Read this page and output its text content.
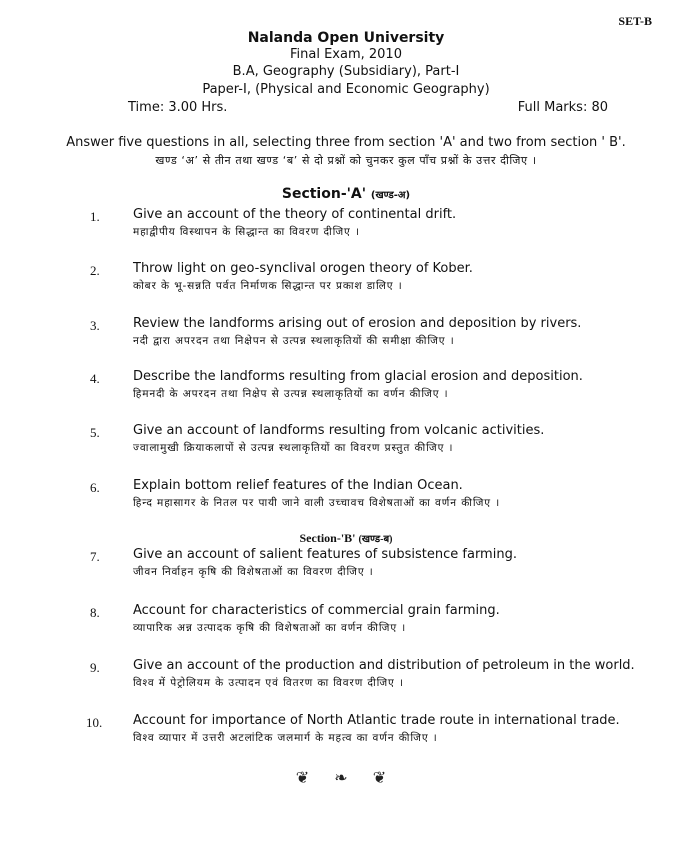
SET-B
Nalanda Open University
Final Exam, 2010
B.A, Geography (Subsidiary), Part-I
Paper-I, (Physical and Economic Geography)
Time: 3.00 Hrs.	Full Marks: 80
Answer five questions in all, selecting three from section 'A' and two from section ' B'.
खण्ड ‘अ’ से तीन तथा खण्ड ‘ब’ से दो प्रश्नों को चुनकर कुल पाँच प्रश्नों के उत्तर दीजिए ।
Section-'A' (खण्ड-अ)
1.	Give an account of the theory of continental drift.
महाद्वीपीय विस्थापन के सिद्धान्त का विवरण दीजिए ।
2.	Throw light on geo-synclival orogen theory of Kober.
कोबर के भू-सन्नति पर्वत निर्माणक सिद्धान्त पर प्रकाश डालिए ।
3.	Review the landforms arising out of erosion and deposition by rivers.
नदी द्वारा अपरदन तथा निक्षेपन से उत्पन्न स्थलाकृतियों की समीक्षा कीजिए ।
4.	Describe the landforms resulting from glacial erosion and deposition.
हिमनदी के अपरदन तथा निक्षेप से उत्पन्न स्थलाकृतियों का वर्णन कीजिए ।
5.	Give an account of landforms resulting from volcanic activities.
ज्वालामुखी क्रियाकलापों से उत्पन्न स्थलाकृतियों का विवरण प्रस्तुत कीजिए ।
6.	Explain bottom relief features of the Indian Ocean.
हिन्द महासागर के नितल पर पायी जाने वाली उच्चावच विशेषताओं का वर्णन कीजिए ।
Section-'B' (खण्ड-ब)
7.	Give an account of salient features of subsistence farming.
जीवन निर्वाहन कृषि की विशेषताओं का विवरण दीजिए ।
8.	Account for characteristics of commercial grain farming.
व्यापारिक अन्न उत्पादक कृषि की विशेषताओं का वर्णन कीजिए ।
9.	Give an account of the production and distribution of petroleum in the world.
विश्व में पेट्रोलियम के उत्पादन एवं वितरण का विवरण दीजिए ।
10. Account for importance of North Atlantic trade route in international trade.
विश्व व्यापार में उत्तरी अटलांटिक जलमार्ग के महत्व का वर्णन कीजिए ।
❦ ❧ ❦
